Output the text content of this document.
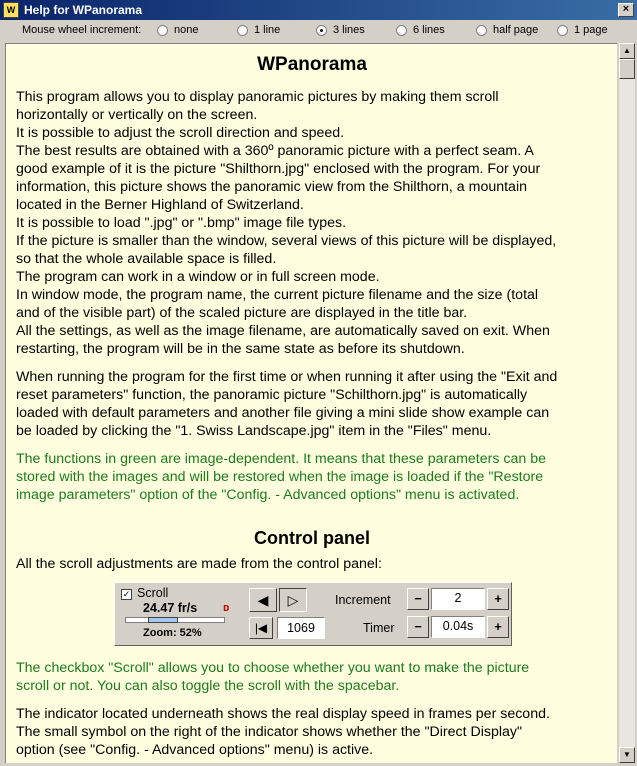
W Help for WPanorama	×
Mouse wheel increment:	none	1 line	3 lines	6 lines	half page	1 page
WPanorama
This program allows you to display panoramic pictures by making them scroll
horizontally or vertically on the screen.
It is possible to adjust the scroll direction and speed.
The best results are obtained with a 360º panoramic picture with a perfect seam. A
good example of it is the picture "Shilthorn.jpg" enclosed with the program. For your
information, this picture shows the panoramic view from the Shilthorn, a mountain
located in the Berner Highland of Switzerland.
It is possible to load ".jpg" or ".bmp" image file types.
If the picture is smaller than the window, several views of this picture will be displayed,
so that the whole available space is filled.
The program can work in a window or in full screen mode.
In window mode, the program name, the current picture filename and the size (total
and of the visible part) of the scaled picture are displayed in the title bar.
All the settings, as well as the image filename, are automatically saved on exit. When
restarting, the program will be in the same state as before its shutdown.
When running the program for the first time or when running it after using the "Exit and
reset parameters" function, the panoramic picture "Schilthorn.jpg" is automatically
loaded with default parameters and another file giving a mini slide show example can
be loaded by clicking the "1. Swiss Landscape.jpg" item in the "Files" menu.
The functions in green are image-dependent. It means that these parameters can be
stored with the images and will be restored when the image is loaded if the "Restore
image parameters" option of the "Config. - Advanced options" menu is activated.
Control panel
All the scroll adjustments are made from the control panel:
✓ Scroll
24.47 fr/s ᴅ
Zoom: 52%
◀	▷
|◀	1069
Increment	−	2	+
Timer	−	0.04s	+
The checkbox "Scroll" allows you to choose whether you want to make the picture
scroll or not. You can also toggle the scroll with the spacebar.
The indicator located underneath shows the real display speed in frames per second.
The small symbol on the right of the indicator shows whether the "Direct Display"
option (see "Config. - Advanced options" menu) is active.
▲
▼
